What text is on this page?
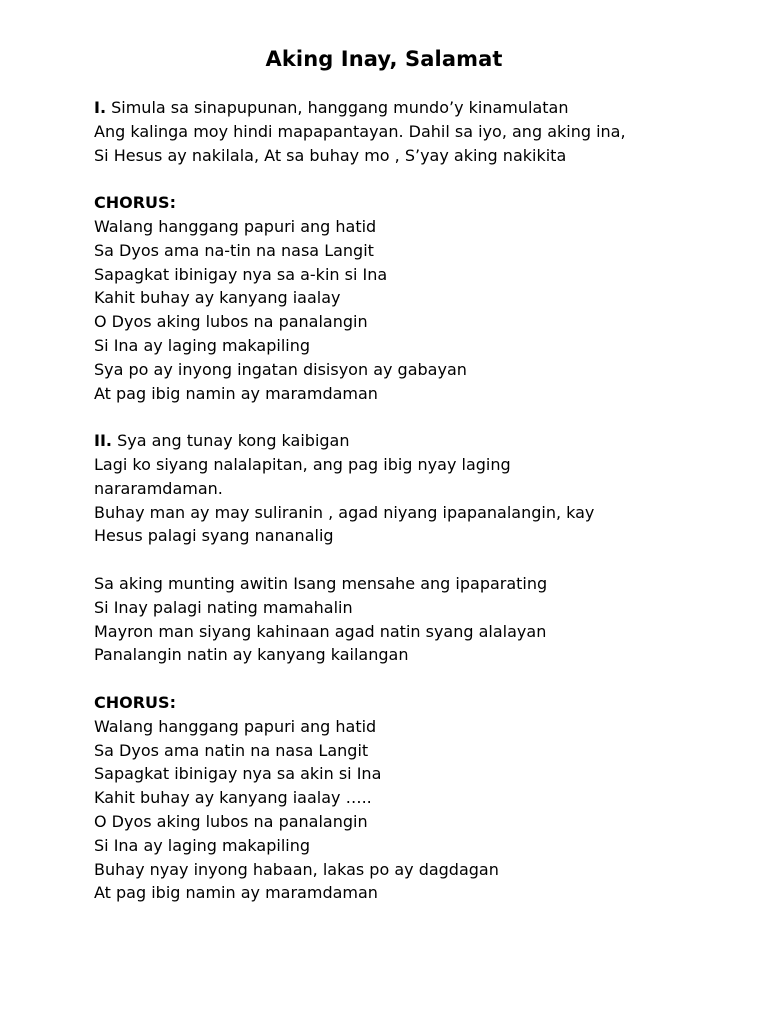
Aking Inay, Salamat
I. Simula sa sinapupunan, hanggang mundo’y kinamulatan
Ang kalinga moy hindi mapapantayan. Dahil sa iyo, ang aking ina,
Si Hesus ay nakilala, At sa buhay mo , S’yay aking nakikita
CHORUS:
Walang hanggang papuri ang hatid
Sa Dyos ama na-tin na nasa Langit
Sapagkat ibinigay nya sa a-kin si Ina
Kahit buhay ay kanyang iaalay
O Dyos aking lubos na panalangin
Si Ina ay laging makapiling
Sya po ay inyong ingatan disisyon ay gabayan
At pag ibig namin ay maramdaman
II. Sya ang tunay kong kaibigan
Lagi ko siyang nalalapitan, ang pag ibig nyay laging
nararamdaman.
Buhay man ay may suliranin , agad niyang ipapanalangin, kay
Hesus palagi syang nananalig
Sa aking munting awitin Isang mensahe ang ipaparating
Si Inay palagi nating mamahalin
Mayron man siyang kahinaan agad natin syang alalayan
Panalangin natin ay kanyang kailangan
CHORUS:
Walang hanggang papuri ang hatid
Sa Dyos ama natin na nasa Langit
Sapagkat ibinigay nya sa akin si Ina
Kahit buhay ay kanyang iaalay …..
O Dyos aking lubos na panalangin
Si Ina ay laging makapiling
Buhay nyay inyong habaan, lakas po ay dagdagan
At pag ibig namin ay maramdaman
